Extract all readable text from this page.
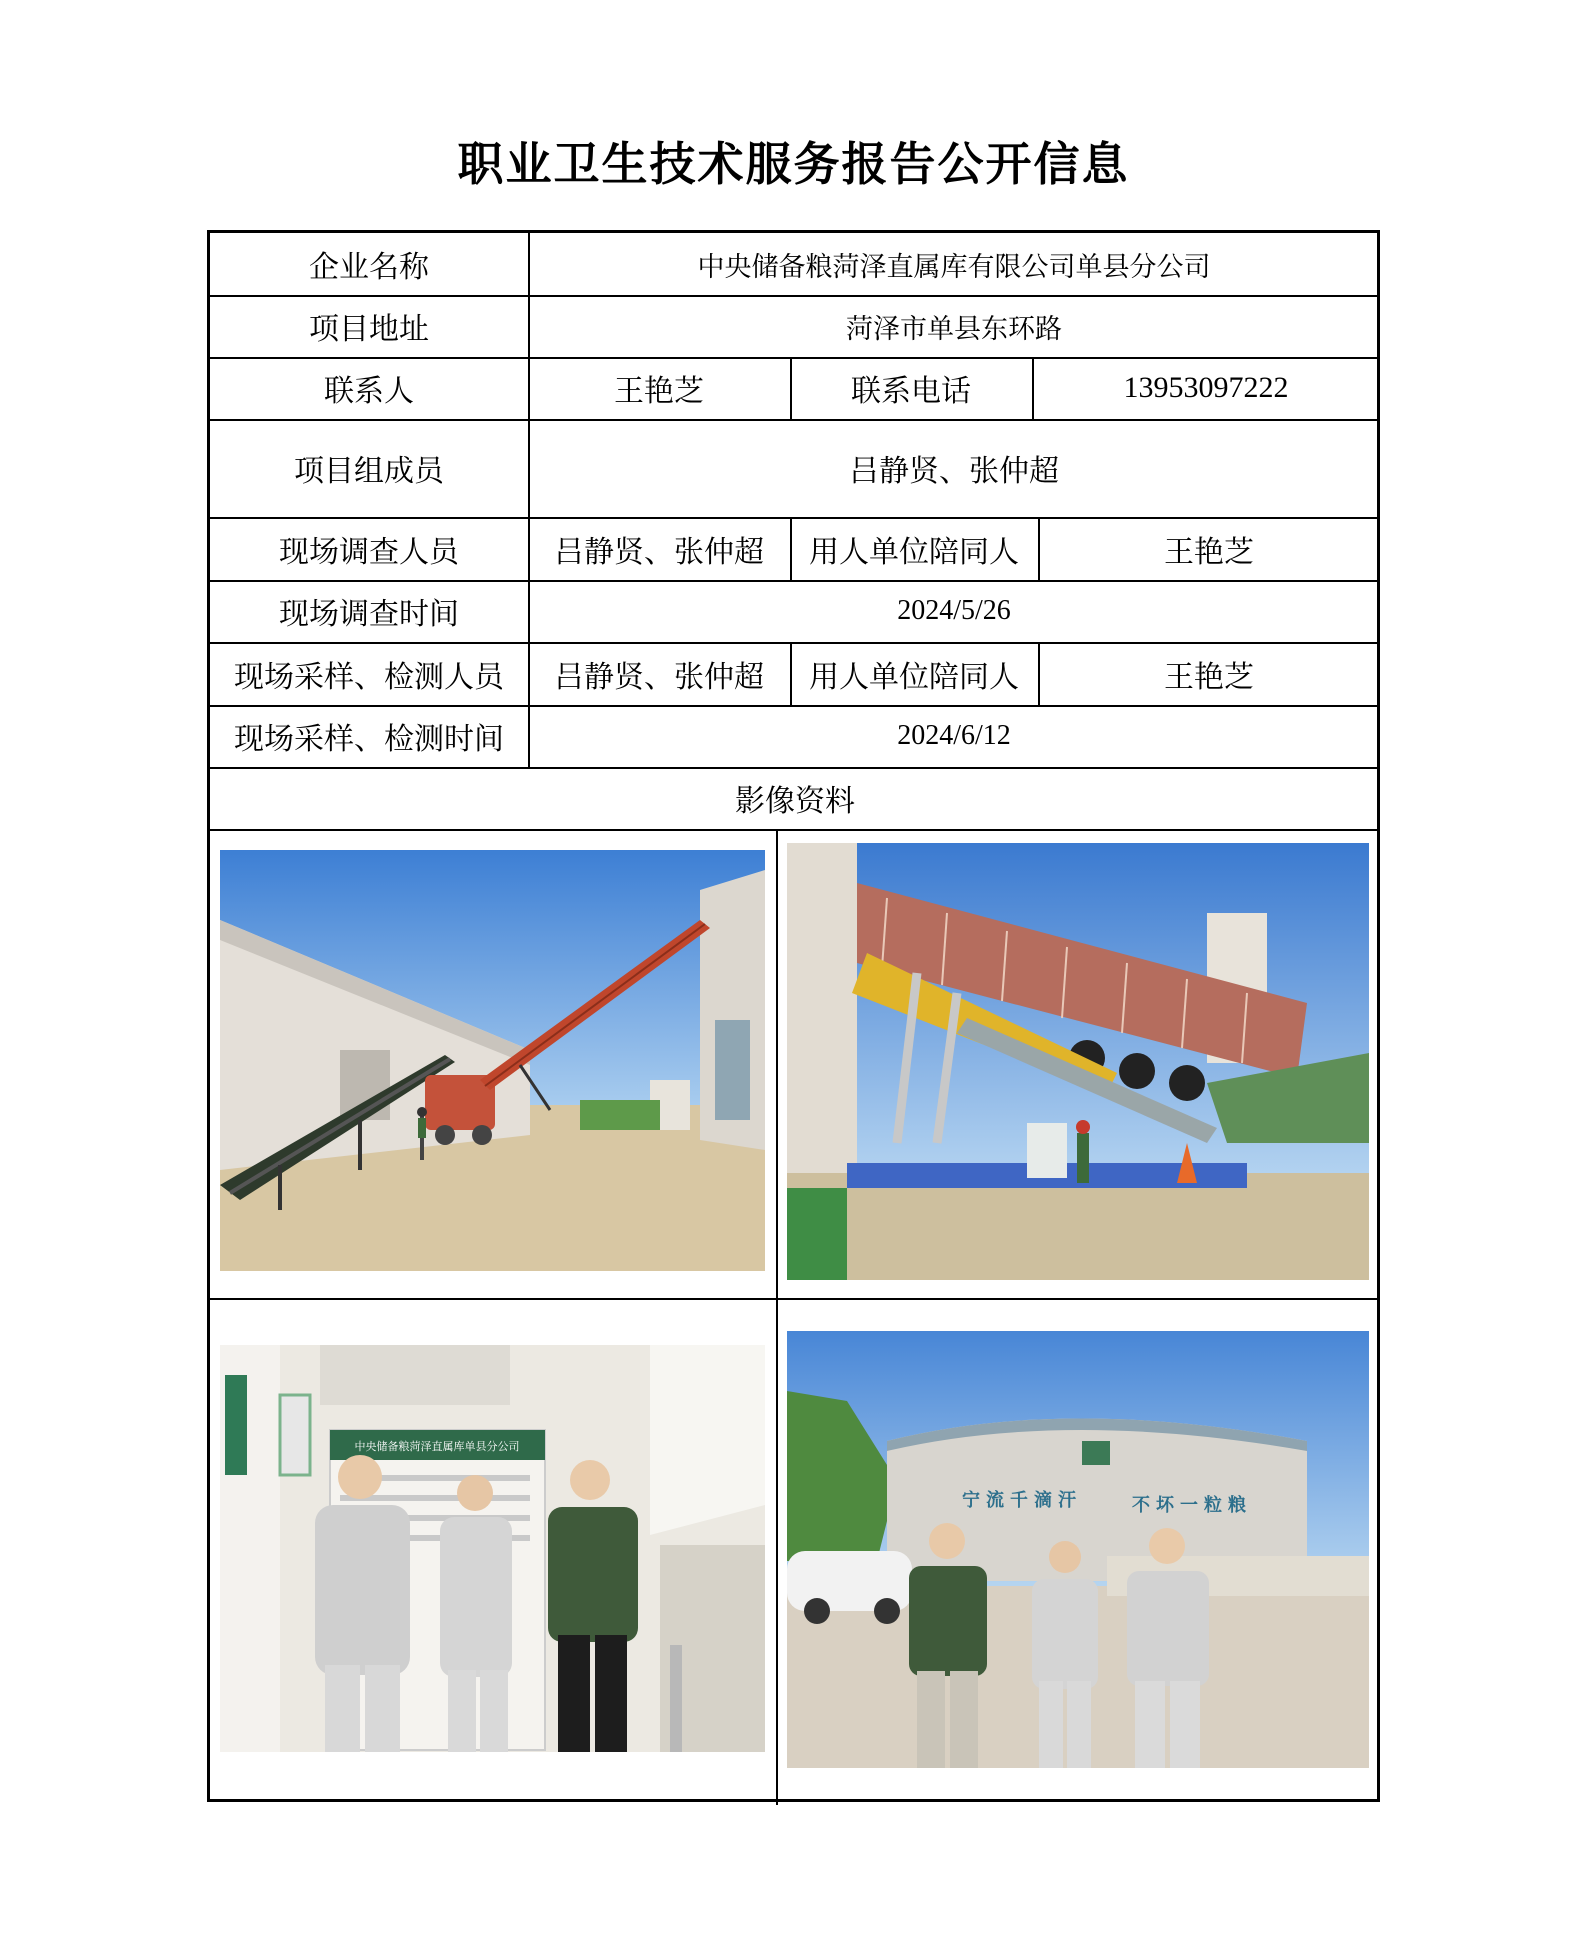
职业卫生技术服务报告公开信息
企业名称	中央储备粮菏泽直属库有限公司单县分公司
项目地址	菏泽市单县东环路
联系人	王艳芝	联系电话	13953097222
项目组成员	吕静贤、张仲超
现场调查人员	吕静贤、张仲超	用人单位陪同人	王艳芝
现场调查时间	2024/5/26
现场采样、检测人员	吕静贤、张仲超	用人单位陪同人	王艳芝
现场采样、检测时间	2024/6/12
影像资料
中央储备粮菏泽直属库单县分公司
宁流千滴汗	不坏一粒粮
